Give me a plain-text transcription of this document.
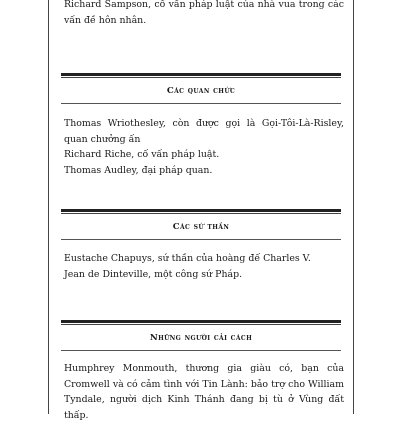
Richard Sampson, cố vấn pháp luật của nhà vua trong các vấn đề hôn nhân.
Các quan chức

Thomas Wriothesley, còn được gọi là Gọi-Tôi-Là-Risley, quan chưởng ấn

Richard Riche, cố vấn pháp luật.

Thomas Audley, đại pháp quan.

Các sứ thần

Eustache Chapuys, sứ thần của hoàng đế Charles V.

Jean de Dinteville, một công sứ Pháp.

Những người cải cách

Humphrey Monmouth, thương gia giàu có, bạn của Cromwell và có cảm tình với Tin Lành: bảo trợ cho William Tyndale, người dịch Kinh Thánh đang bị tù ở Vùng đất thấp.
